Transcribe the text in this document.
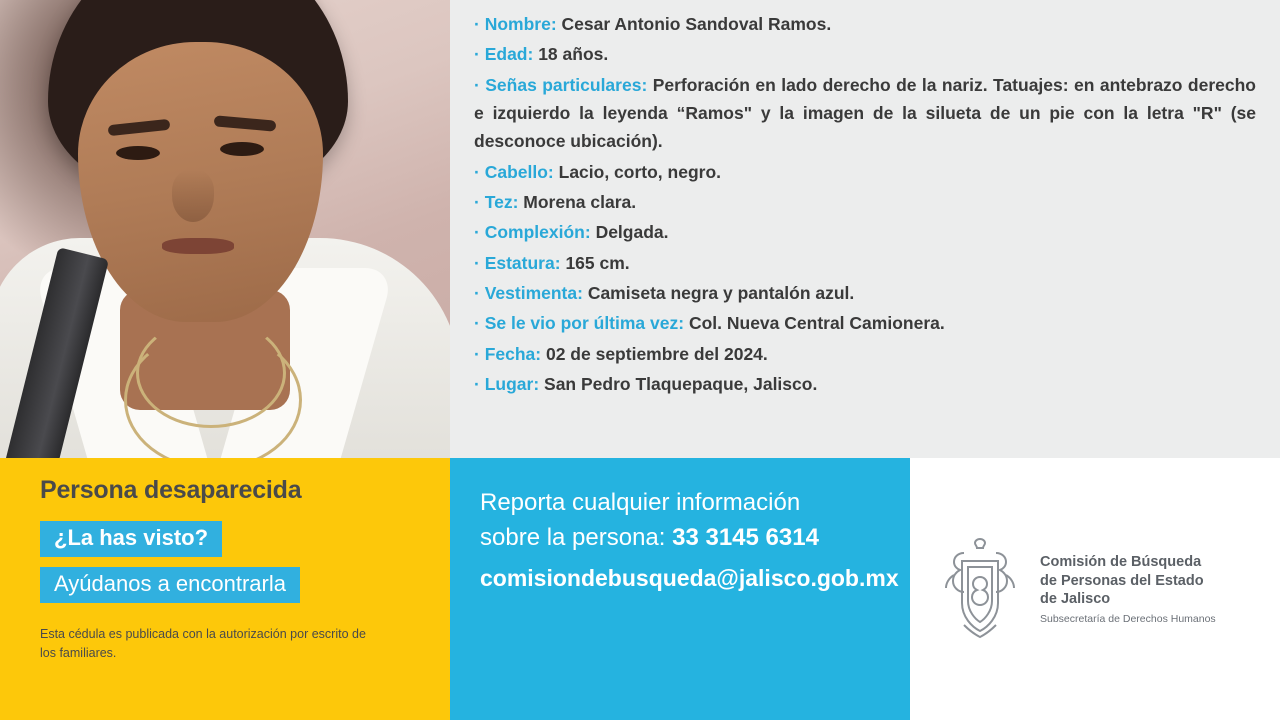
· Nombre: Cesar Antonio Sandoval Ramos.
· Edad: 18 años.
· Señas particulares: Perforación en lado derecho de la nariz. Tatuajes: en antebrazo derecho e izquierdo la leyenda “Ramos" y la imagen de la silueta de un pie con la letra "R" (se desconoce ubicación).
· Cabello: Lacio, corto, negro.
· Tez: Morena clara.
· Complexión: Delgada.
· Estatura: 165 cm.
· Vestimenta: Camiseta negra y pantalón azul.
· Se le vio por última vez: Col. Nueva Central Camionera.
· Fecha: 02 de septiembre del 2024.
· Lugar: San Pedro Tlaquepaque, Jalisco.
Persona desaparecida
¿La has visto?
Ayúdanos a encontrarla
Esta cédula es publicada con la autorización por escrito de los familiares.
Reporta cualquier información
sobre la persona: 33 3145 6314
comisiondebusqueda@jalisco.gob.mx
Comisión de Búsqueda
de Personas del Estado
de Jalisco
Subsecretaría de Derechos Humanos
